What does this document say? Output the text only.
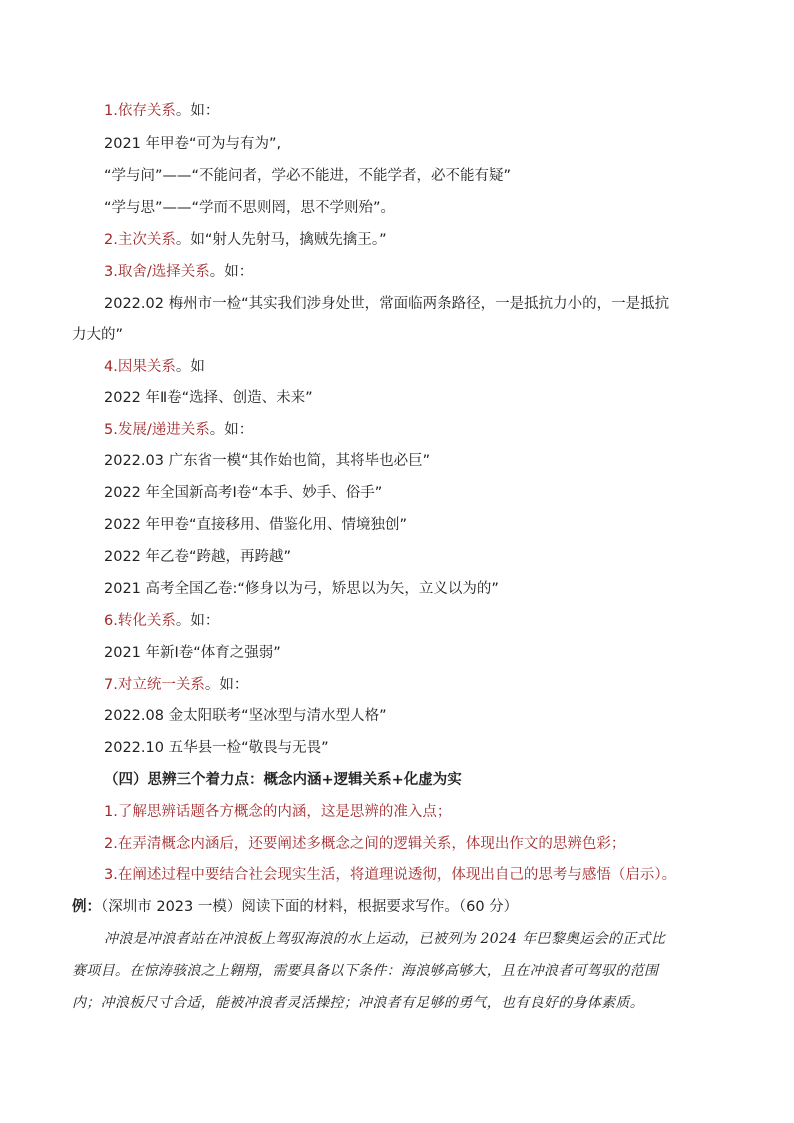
1.依存关系。如：
2021 年甲卷“可为与有为”,
“学与问”——“不能问者，学必不能进，不能学者，必不能有疑”
“学与思”——“学而不思则罔，思不学则殆”。
2.主次关系。如“射人先射马，擒贼先擒王。”
3.取舍/选择关系。如：
2022.02 梅州市一检“其实我们涉身处世，常面临两条路径，一是抵抗力小的，一是抵抗
力大的”
4.因果关系。如
2022 年Ⅱ卷“选择、创造、未来”
5.发展/递进关系。如：
2022.03 广东省一模“其作始也简，其将毕也必巨”
2022 年全国新高考Ⅰ卷“本手、妙手、俗手”
2022 年甲卷“直接移用、借鉴化用、情境独创”
2022 年乙卷“跨越，再跨越”
2021 高考全国乙卷:“修身以为弓，矫思以为矢，立义以为的”
6.转化关系。如：
2021 年新Ⅰ卷“体育之强弱”
7.对立统一关系。如：
2022.08 金太阳联考“坚冰型与清水型人格”
2022.10 五华县一检“敬畏与无畏”
（四）思辨三个着力点：概念内涵+逻辑关系+化虚为实
1.了解思辨话题各方概念的内涵，这是思辨的准入点；
2.在弄清概念内涵后，还要阐述多概念之间的逻辑关系，体现出作文的思辨色彩；
3.在阐述过程中要结合社会现实生活，将道理说透彻，体现出自己的思考与感悟（启示）。
例：（深圳市 2023 一模）阅读下面的材料，根据要求写作。（60 分）
冲浪是冲浪者站在冲浪板上驾驭海浪的水上运动，已被列为 2024 年巴黎奥运会的正式比
赛项目。在惊涛骇浪之上翱翔，需要具备以下条件：海浪够高够大，且在冲浪者可驾驭的范围
内；冲浪板尺寸合适，能被冲浪者灵活操控；冲浪者有足够的勇气，也有良好的身体素质。
